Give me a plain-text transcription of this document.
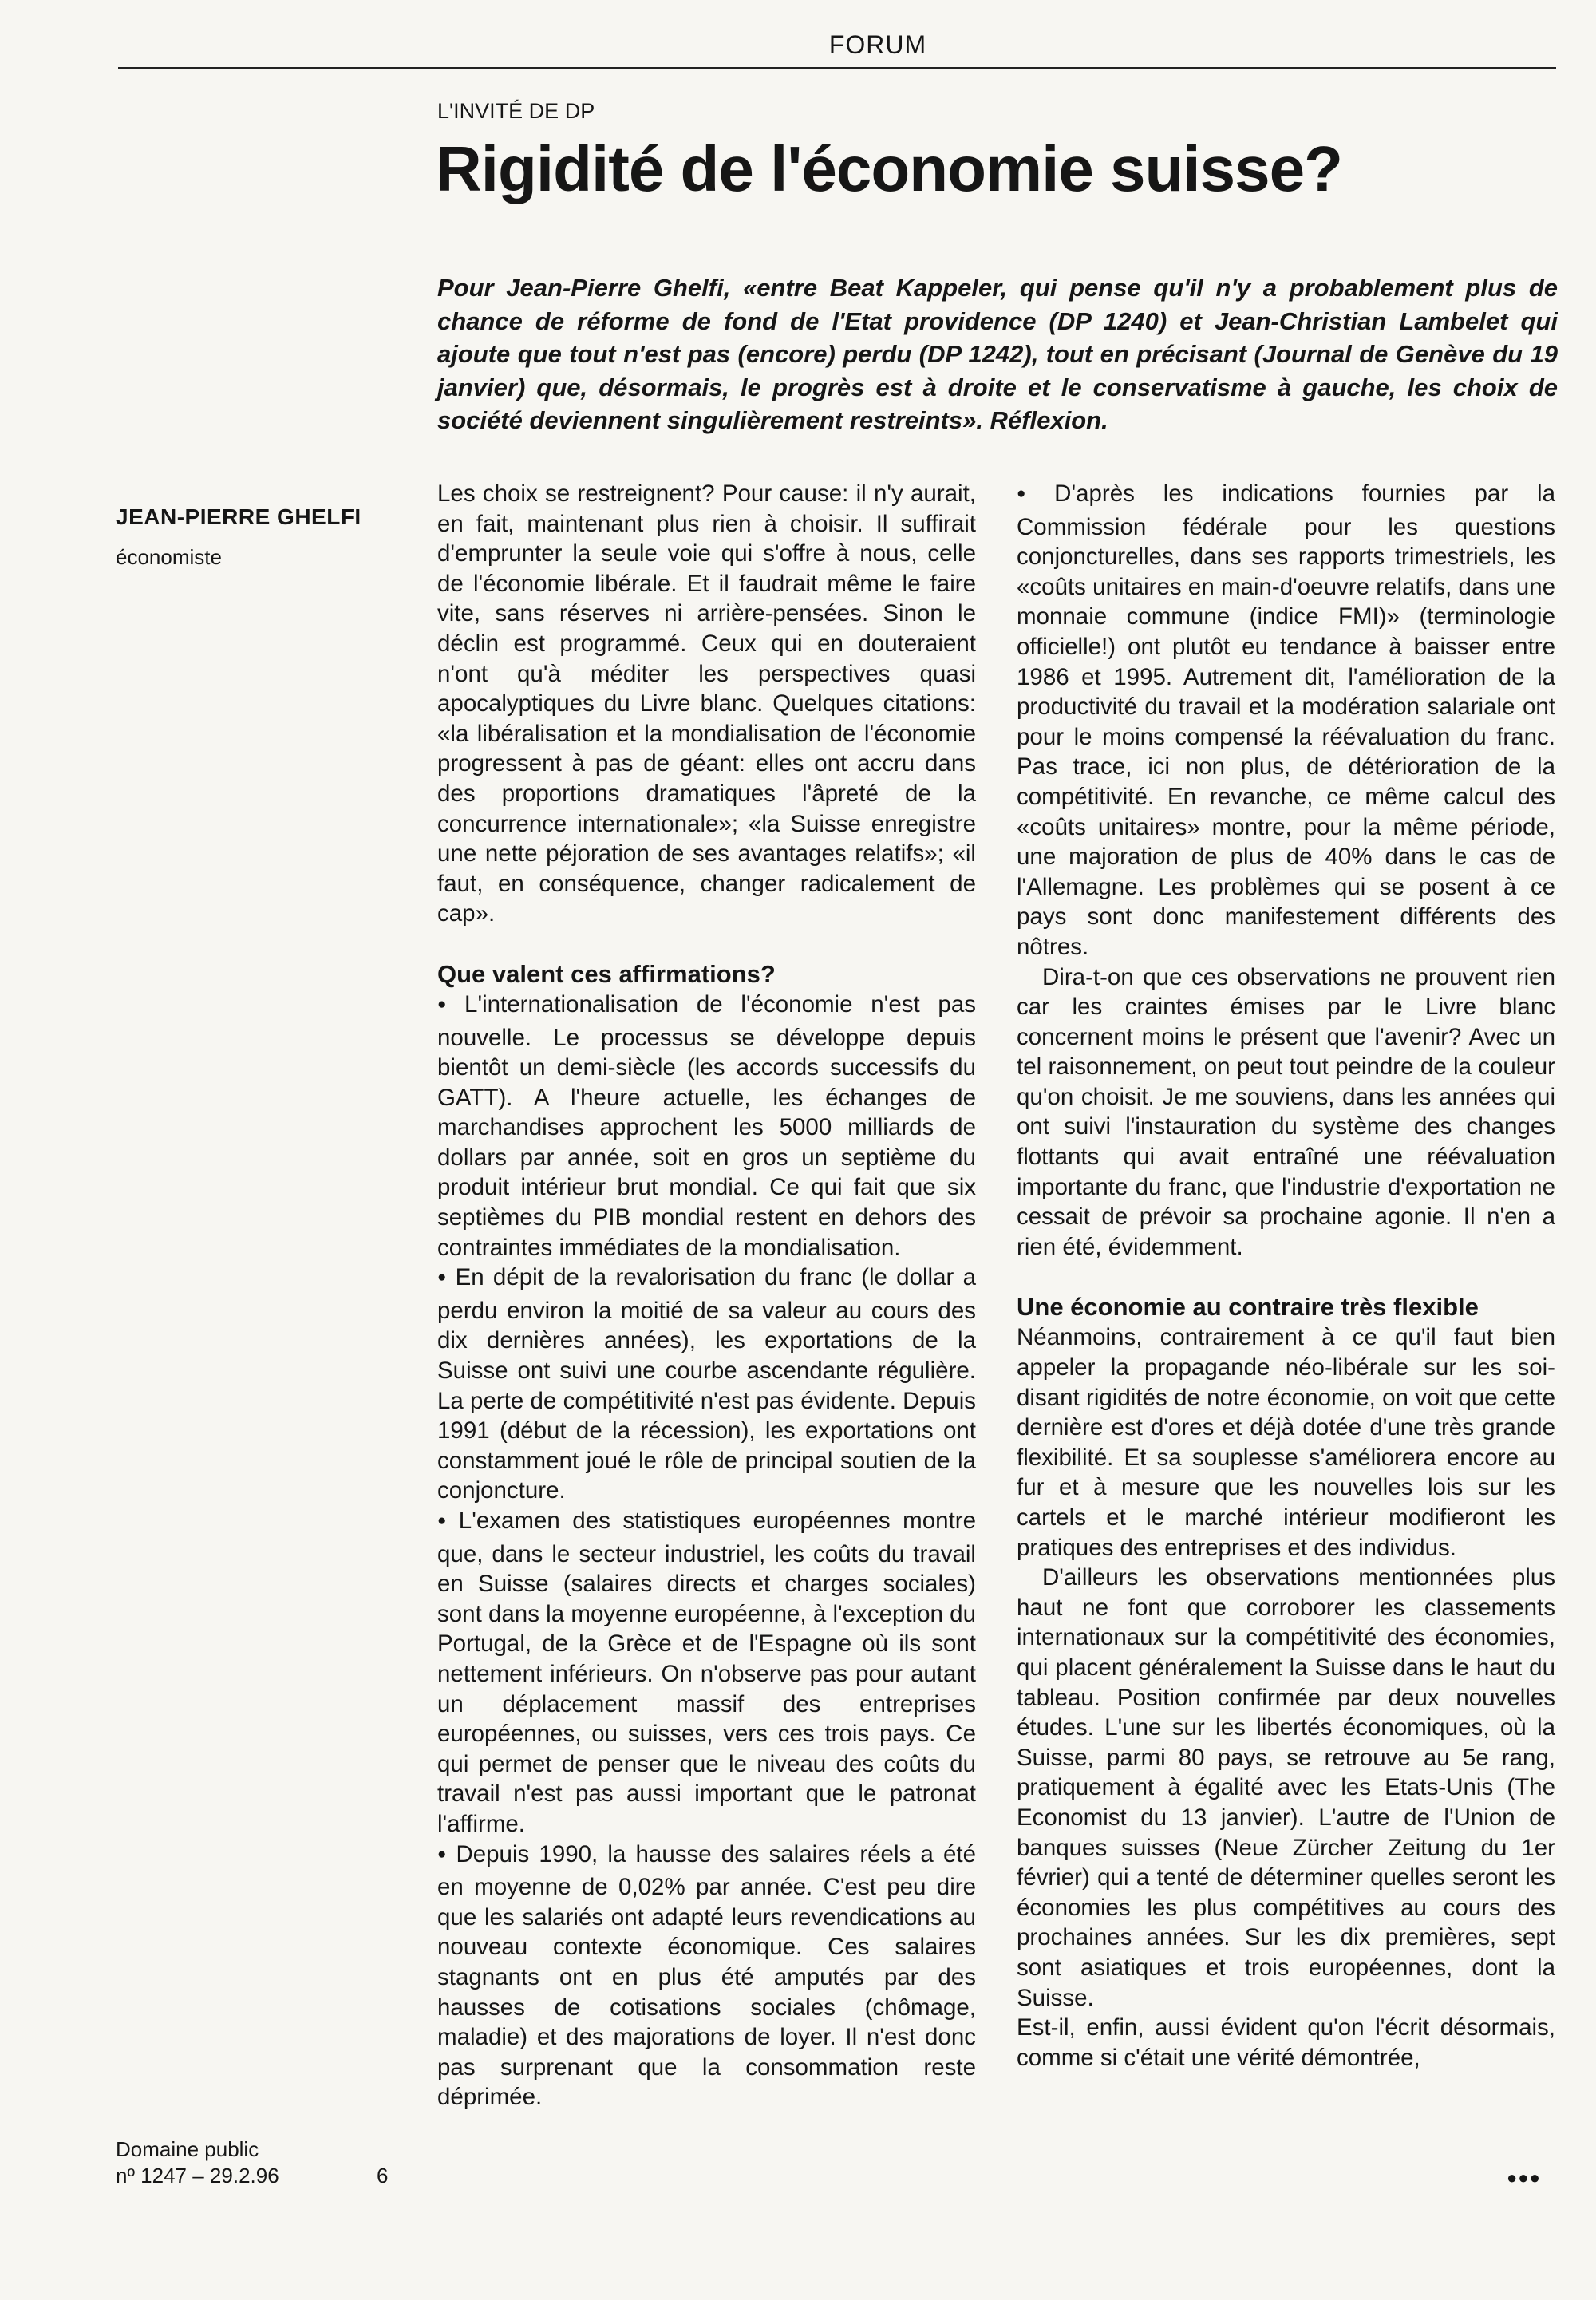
FORUM
L'INVITÉ DE DP
Rigidité de l'économie suisse?

Pour Jean-Pierre Ghelfi, «entre Beat Kappeler, qui pense qu'il n'y a probablement plus de chance de réforme de fond de l'Etat providence (DP 1240) et Jean-Christian Lambelet qui ajoute que tout n'est pas (encore) perdu (DP 1242), tout en précisant (Journal de Genève du 19 janvier) que, désormais, le progrès est à droite et le conservatisme à gauche, les choix de société deviennent singulièrement restreints». Réflexion.

JEAN-PIERRE GHELFI
économiste

Les choix se restreignent? Pour cause: il n'y aurait, en fait, maintenant plus rien à choisir. Il suffirait d'emprunter la seule voie qui s'offre à nous, celle de l'économie libérale. Et il faudrait même le faire vite, sans réserves ni arrière-pensées. Sinon le déclin est programmé. Ceux qui en douteraient n'ont qu'à méditer les perspectives quasi apocalyptiques du Livre blanc. Quelques citations: «la libéralisation et la mondialisation de l'économie progressent à pas de géant: elles ont accru dans des proportions dramatiques l'âpreté de la concurrence internationale»; «la Suisse enregistre une nette péjoration de ses avantages relatifs»; «il faut, en conséquence, changer radicalement de cap».

Que valent ces affirmations?

● L'internationalisation de l'économie n'est pas nouvelle. Le processus se développe depuis bientôt un demi-siècle (les accords successifs du GATT). A l'heure actuelle, les échanges de marchandises approchent les 5000 milliards de dollars par année, soit en gros un septième du produit intérieur brut mondial. Ce qui fait que six septièmes du PIB mondial restent en dehors des contraintes immédiates de la mondialisation.

● En dépit de la revalorisation du franc (le dollar a perdu environ la moitié de sa valeur au cours des dix dernières années), les exportations de la Suisse ont suivi une courbe ascendante régulière. La perte de compétitivité n'est pas évidente. Depuis 1991 (début de la récession), les exportations ont constamment joué le rôle de principal soutien de la conjoncture.

● L'examen des statistiques européennes montre que, dans le secteur industriel, les coûts du travail en Suisse (salaires directs et charges sociales) sont dans la moyenne européenne, à l'exception du Portugal, de la Grèce et de l'Espagne où ils sont nettement inférieurs. On n'observe pas pour autant un déplacement massif des entreprises européennes, ou suisses, vers ces trois pays. Ce qui permet de penser que le niveau des coûts du travail n'est pas aussi important que le patronat l'affirme.

● Depuis 1990, la hausse des salaires réels a été en moyenne de 0,02% par année. C'est peu dire que les salariés ont adapté leurs revendications au nouveau contexte économique. Ces salaires stagnants ont en plus été amputés par des hausses de cotisations sociales (chômage, maladie) et des majorations de loyer. Il n'est donc pas surprenant que la consommation reste déprimée.

● D'après les indications fournies par la Commission fédérale pour les questions conjoncturelles, dans ses rapports trimestriels, les «coûts unitaires en main-d'oeuvre relatifs, dans une monnaie commune (indice FMI)» (terminologie officielle!) ont plutôt eu tendance à baisser entre 1986 et 1995. Autrement dit, l'amélioration de la productivité du travail et la modération salariale ont pour le moins compensé la réévaluation du franc. Pas trace, ici non plus, de détérioration de la compétitivité. En revanche, ce même calcul des «coûts unitaires» montre, pour la même période, une majoration de plus de 40% dans le cas de l'Allemagne. Les problèmes qui se posent à ce pays sont donc manifestement différents des nôtres.

Dira-t-on que ces observations ne prouvent rien car les craintes émises par le Livre blanc concernent moins le présent que l'avenir? Avec un tel raisonnement, on peut tout peindre de la couleur qu'on choisit. Je me souviens, dans les années qui ont suivi l'instauration du système des changes flottants qui avait entraîné une réévaluation importante du franc, que l'industrie d'exportation ne cessait de prévoir sa prochaine agonie. Il n'en a rien été, évidemment.

Une économie au contraire très flexible

Néanmoins, contrairement à ce qu'il faut bien appeler la propagande néo-libérale sur les soi-disant rigidités de notre économie, on voit que cette dernière est d'ores et déjà dotée d'une très grande flexibilité. Et sa souplesse s'améliorera encore au fur et à mesure que les nouvelles lois sur les cartels et le marché intérieur modifieront les pratiques des entreprises et des individus.

D'ailleurs les observations mentionnées plus haut ne font que corroborer les classements internationaux sur la compétitivité des économies, qui placent généralement la Suisse dans le haut du tableau. Position confirmée par deux nouvelles études. L'une sur les libertés économiques, où la Suisse, parmi 80 pays, se retrouve au 5e rang, pratiquement à égalité avec les Etats-Unis (The Economist du 13 janvier). L'autre de l'Union de banques suisses (Neue Zürcher Zeitung du 1er février) qui a tenté de déterminer quelles seront les économies les plus compétitives au cours des prochaines années. Sur les dix premières, sept sont asiatiques et trois européennes, dont la Suisse.

Est-il, enfin, aussi évident qu'on l'écrit désormais, comme si c'était une vérité démontrée,

Domaine public
nº 1247 – 29.2.96	6	●●●
